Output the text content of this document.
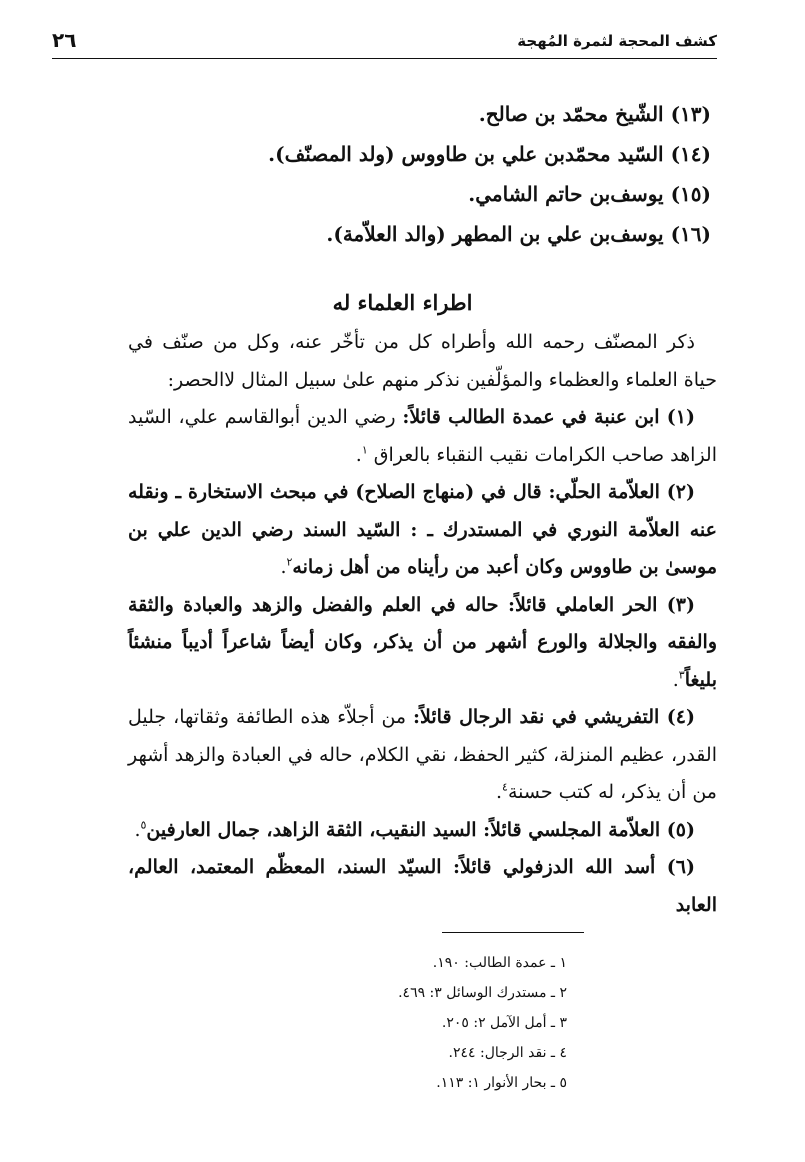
كشف المحجة لثمرة المُهجة
٢٦
(١٣) الشّيخ محمّد بن صالح.
(١٤) السّيد محمّدبن علي بن طاووس (ولد المصنّف).
(١٥) يوسف‌بن حاتم الشامي.
(١٦) يوسف‌بن علي بن المطهر (والد العلاّمة).
اطراء العلماء له

ذكر المصنّف رحمه الله وأطراه كل من تأخّر عنه، وكل من صنّف في حياة العلماء والعظماء والمؤلّفين نذكر منهم علىٰ سبيل المثال لاالحصر:

(١) ابن عنبة في عمدة الطالب قائلاً: رضي الدين أبوالقاسم علي، السّيد الزاهد صاحب الكرامات نقيب النقباء بالعراق $^١$.

(٢) العلاّمة الحلّي: قال في (منهاج الصلاح) في مبحث الاستخارة ـ ونقله عنه العلاّمة النوري في المستدرك ـ : السّيد السند رضي الدين علي بن موسىٰ بن طاووس وكان أعبد من رأيناه من أهل زمانه$^٢$.

(٣) الحر العاملي قائلاً: حاله في العلم والفضل والزهد والعبادة والثقة والفقه والجلالة والورع أشهر من أن يذكر، وكان أيضاً شاعراً أديباً منشئاً بليغاً$^٣$.

(٤) التفريشي في نقد الرجال قائلاً: من أجلاّء هذه الطائفة وثقاتها، جليل القدر، عظيم المنزلة، كثير الحفظ، نقي الكلام، حاله في العبادة والزهد أشهر من أن يذكر، له كتب حسنة$^٤$.

(٥) العلاّمة المجلسي قائلاً: السيد النقيب، الثقة الزاهد، جمال العارفين$^٥$.

(٦) أسد الله الدزفولي قائلاً: السيّد السند، المعظّم المعتمد، العالم، العابد

١ ـ عمدة الطالب: ١٩٠.
٢ ـ مستدرك الوسائل ٣: ٤٦٩.
٣ ـ أمل الآمل ٢: ٢٠٥.
٤ ـ نقد الرجال: ٢٤٤.
٥ ـ بحار الأنوار ١: ١١٣.
